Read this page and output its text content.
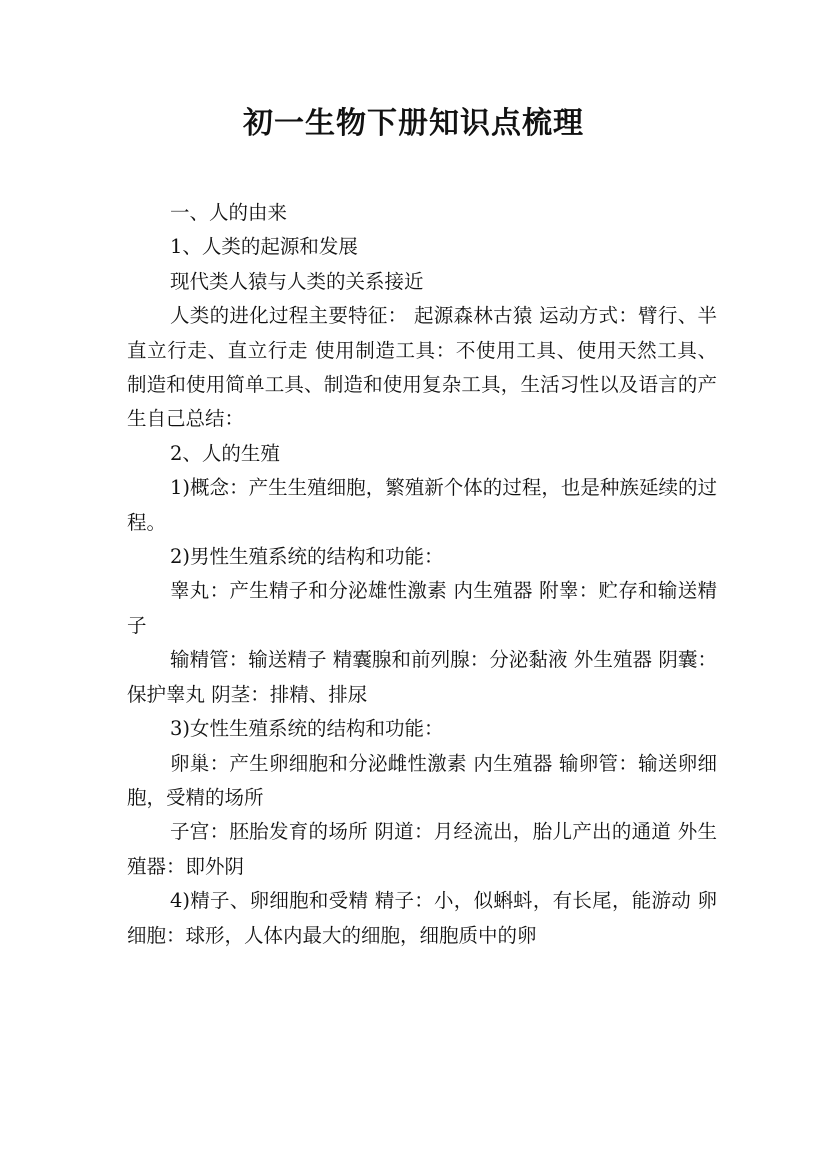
初一生物下册知识点梳理

一、人的由来

1、人类的起源和发展

现代类人猿与人类的关系接近

人类的进化过程主要特征： 起源森林古猿 运动方式：臂行、半直立行走、直立行走 使用制造工具：不使用工具、使用天然工具、制造和使用简单工具、制造和使用复杂工具，生活习性以及语言的产生自己总结：

2、人的生殖

1)概念：产生生殖细胞，繁殖新个体的过程，也是种族延续的过程。

2)男性生殖系统的结构和功能：

睾丸：产生精子和分泌雄性激素 内生殖器 附睾：贮存和输送精子

输精管：输送精子 精囊腺和前列腺：分泌黏液 外生殖器 阴囊：保护睾丸 阴茎：排精、排尿

3)女性生殖系统的结构和功能：

卵巢：产生卵细胞和分泌雌性激素 内生殖器 输卵管：输送卵细胞，受精的场所

子宫：胚胎发育的场所 阴道：月经流出，胎儿产出的通道 外生殖器：即外阴

4)精子、卵细胞和受精 精子：小，似蝌蚪，有长尾，能游动 卵细胞：球形，人体内最大的细胞，细胞质中的卵
